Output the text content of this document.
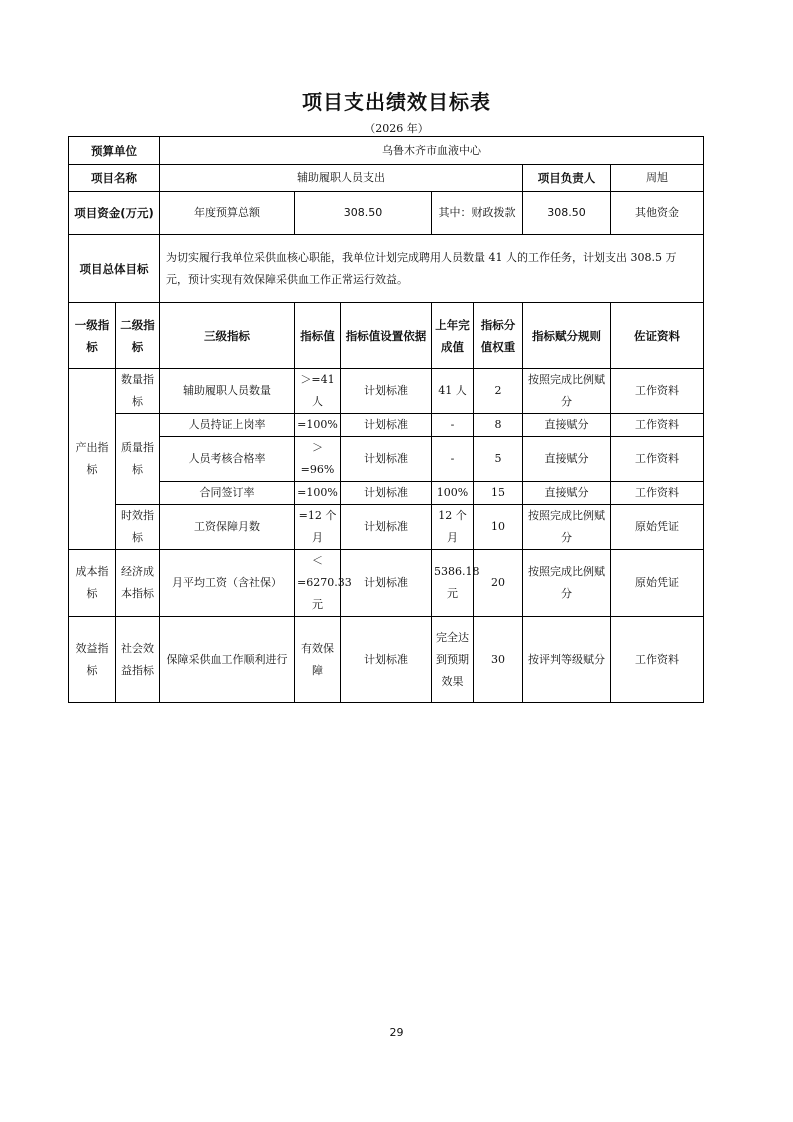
项目支出绩效目标表
（2026 年）
预算单位		乌鲁木齐市血液中心							
项目名称		辅助履职人员支出					项目负责人	周旭	
项目资金(万元)		年度预算总额	308.50		其中：财政拨款		308.50	其他资金	
项目总体目标		为切实履行我单位采供血核心职能，我单位计划完成聘用人员数量 41 人的工作任务，计划支出 308.5 万元，预计实现有效保障采供血工作正常运行效益。							
一级指标	二级指标	三级指标	指标值	指标值设置依据	上年完成值	指标分值权重	指标赋分规则	佐证资料	
产出指标	数量指标	辅助履职人员数量	＞=41人	计划标准	41 人	2	按照完成比例赋分	工作资料	
	质量指标	人员持证上岗率	=100%	计划标准	-	8	直接赋分	工作资料	
		人员考核合格率	＞=96%	计划标准	-	5	直接赋分	工作资料	
		合同签订率	=100%	计划标准	100%	15	直接赋分	工作资料	
	时效指标	工资保障月数	=12 个月	计划标准	12 个月	10	按照完成比例赋分	原始凭证	
成本指标	经济成本指标	月平均工资（含社保）	＜=6270.33 元	计划标准	5386.18 元	20	按照完成比例赋分	原始凭证	
效益指标	社会效益指标	保障采供血工作顺利进行	有效保障	计划标准	完全达到预期效果	30	按评判等级赋分	工作资料	
29
